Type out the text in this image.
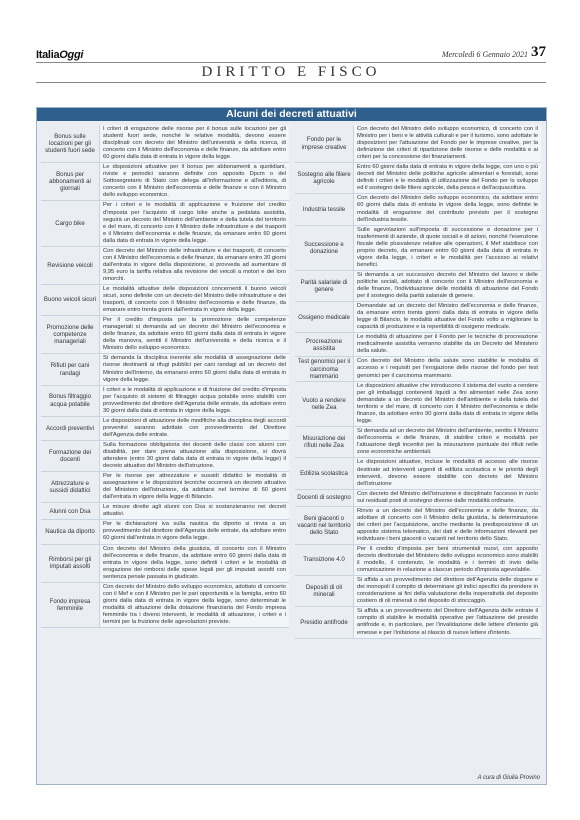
ItaliaOggi	Mercoledì 6 Gennaio 2021 37
DIRITTO E FISCO
Alcuni dei decreti attuativi
Bonus sulle locazioni per gli studenti fuori sede
I criteri di erogazione delle risorse per il bonus sulle locazioni per gli studenti fuori sede, nonché le relative modalità, devono essere disciplinati con decreto del Ministro dell'università e della ricerca, di concerto con il Ministro dell'economia e delle finanze, da adottare entro 60 giorni dalla data di entrata in vigore della legge.
Bonus per abbonamenti ai giornali
Le disposizioni attuative per il bonus per abbonamenti a quotidiani, riviste e periodici saranno definite con apposito Dpcm o del Sottosegretario di Stato con delega all'informazione e all'editoria, di concerto con il Ministro dell'economia e delle finanze e con il Ministro dello sviluppo economico.
Cargo bike
Per i criteri e le modalità di applicazione e fruizione del credito d'imposta per l'acquisto di cargo bike anche a pedalata assistita, seguirà un decreto del Ministro dell'ambiente e della tutela del territorio e del mare, di concerto con il Ministro delle infrastrutture e dei trasporti e il Ministro dell'economia e delle finanze, da emanare entro 60 giorni dalla data di entrata in vigore della legge.
Revisione veicoli
Con decreto del Ministro delle infrastrutture e dei trasporti, di concerto con il Ministro dell'economia e delle finanze, da emanare entro 30 giorni dall'entrata in vigore della disposizione, si provveda ad aumentare di 9,95 euro la tariffa relativa alla revisione dei veicoli a motori e dei loro rimorchi.
Buono veicoli sicuri
Le modalità attuative delle disposizioni concernenti il buono veicoli sicuri, sono definite con un decreto del Ministro delle infrastrutture e dei trasporti, di concerto con il Ministro dell'economia e delle finanze, da emanare entro trenta giorni dall'entrata in vigore della legge.
Promozione delle competenze manageriali
Per il credito d'imposta per la promozione delle competenze manageriali si demanda ad un decreto del Ministro dell'economia e delle finanze, da adottare entro 60 giorni dalla data di entrata in vigore della manovra, sentiti il Ministro dell'università e della ricerca e il Ministro dello sviluppo economico.
Rifiuti per cani randagi
Si demanda la disciplina inerente alle modalità di assegnazione delle risorse destinanti ai rifugi pubblici per cani randagi ad un decreto del Ministro dell'interno, da emanarsi entro 60 giorni dalla data di entrata in vigore della legge.
Bonus filtraggio acqua potabile
I criteri e le modalità di applicazione e di fruizione del credito d'imposta per l'acquisto di sistemi di filtraggio acqua potabile sono stabiliti con provvedimento del direttore dell'Agenzia delle entrate, da adottare entro 30 giorni dalla data di entrata in vigore della legge.
Accordi preventivi
Le disposizioni di attuazione delle modifiche alla disciplina degli accordi preventivi saranno adottate con provvedimento del Direttore dell'Agenzia delle entrate.
Formazione dei docenti
Sulla formazione obbligatoria dei docenti delle classi con alunni con disabilità, per dare piena attuazione alla disposizione, si dovrà attendere (entro 30 giorni dalla data di entrata in vigore della legge) il decreto attuativo del Ministro dell'istruzione.
Attrezzature e sussidi didattici
Per le risorse per attrezzature e sussidi didattici le modalità di assegnazione e le disposizioni tecniche occorrerà un decreto attuativo del Ministero dell'istruzione, da adottarsi nel termine di 60 giorni dall'entrata in vigore della legge di Bilancio.
Alunni con Dsa
Le misure dirette agli alunni con Dsa si sostanzieranno nei decreti attuativi.
Nautica da diporto
Per le dichiarazioni iva sulla nautica da diporto si rinvia a un provvedimento del direttore dell'Agenzia delle entrate, da adottare entro 60 giorni dall'entrata in vigore della legge.
Rimborsi per gli imputati assolti
Con decreto del Ministro della giustizia, di concerto con il Ministro dell'economia e delle finanze, da adottare entro 60 giorni dalla data di entrata in vigore della legge, sono definiti i criteri e le modalità di erogazione dei rimborsi delle spese legali per gli imputati assolti con sentenza penale passata in giudicato.
Fondo impresa femminile
Con decreto del Ministro dello sviluppo economico, adottato di concerto con il Mef e con il Ministro per le pari opportunità e la famiglia, entro 60 giorni dalla data di entrata in vigore della legge, sono determinati le modalità di attuazione della dotazione finanziaria del Fondo impresa femminile tra i diversi interventi, le modalità di attuazione, i criteri e i termini per la fruizione delle agevolazioni previste.
Fondo per le imprese creative
Con decreto del Ministro dello sviluppo economico, di concerto con il Ministro per i beni e le attività culturali e per il turismo, sono adottate le disposizioni per l'attuazione del Fondo per le imprese creative, per la definizione dei criteri di ripartizione delle risorse e delle modalità e ai criteri per la concessione dei finanziamenti.
Sostegno alle filiere agricole
Entro 60 giorni dalla data di entrata in vigore della legge, con uno o più decreti del Ministro delle politiche agricole alimentari e forestali, sono definiti i criteri e le modalità di utilizzazione del Fondo per lo sviluppo ed il sostegno delle filiere agricole, della pesca e dell'acquacoltura.
Industria tessile
Con decreto del Ministro dello sviluppo economico, da adottare entro 60 giorni dalla data di entrata in vigore della legge, sono definite le modalità di erogazione del contributo previsto per il sostegno dell'industria tessile.
Successione e donazione
Sulle agevolazioni sull'imposta di successione e donazione per i trasferimenti di aziende, di quote sociali e di azioni, nonché l'esenzione fiscale delle plusvalenze relative alle operazioni, il Mef stabilisce con proprio decreto, da emanare entro 60 giorni dalla data di entrata in vigore della legge, i criteri e le modalità per l'accesso ai relativi benefici.
Parità salariale di genere
Si demanda a un successivo decreto del Ministro del lavoro e delle politiche sociali, adottato di concerto con il Ministro dell'economia e delle finanze, l'individuazione delle modalità di attuazione del Fondo per il sostegno della parità salariale di genere.
Ossigeno medicale
Demandate ad un decreto del Ministro dell'economia e delle finanze, da emanare entro trenta giorni dalla data di entrata in vigore della legge di Bilancio, le modalità attuative del Fondo volto a migliorare la capacità di produzione e la reperibilità di ossigeno medicale.
Procreazione assistita
Le modalità di attuazione per il Fondo per le tecniche di procreazione medicalmente assistita verranno stabilite da un Decreto del Ministero della salute.
Test genomici per il carcinoma mammario
Con decreto del Ministro della salute sono stabilite le modalità di accesso e i requisiti per l'erogazione delle risorse del fondo per test genomici per il carcinoma mammario.
Vuoto a rendere nelle Zea
Le disposizioni attuative che introducono il sistema del vuoto a rendere per gli imballaggi contenenti liquidi a fini alimentari nelle Zea sono demandate a un decreto del Ministro dell'ambiente e della tutela del territorio e del mare, di concerto con il Ministro dell'economia e delle finanze, da adottare entro 90 giorni dalla data di entrata in vigore della legge.
Misurazione dei rifiuti nelle Zea
Si demanda ad un decreto del Ministro dell'ambiente, sentito il Ministro dell'economia e delle finanze, di stabilire criteri e modalità per l'attuazione degli incentivi per la misurazione puntuale dei rifiuti nelle zone economiche ambientali.
Edilizia scolastica
Le disposizioni attuative, incluse le modalità di accesso alle risorse destinate ad interventi urgenti di edilizia scolastica e le priorità degli interventi, devono essere stabilite con decreto del Ministro dell'istruzione
Docenti di sostegno
Con decreto del Ministro dell'istruzione è disciplinato l'accesso in ruolo sui residuati posti di sostegno diverse dalle modalità ordinarie.
Beni giacenti o vacanti nel territorio dello Stato
Rinvio a un decreto del Ministro dell'economia e delle finanze, da adottare di concerto con il Ministro della giustizia, la determinazione dei criteri per l'acquisizione, anche mediante la predisposizione di un apposito sistema telematico, dei dati e delle informazioni rilevanti per individuare i beni giacenti o vacanti nel territorio dello Stato.
Transizione 4.0
Per il credito d'imposta per beni strumentali nuovi, con apposito decreto direttoriale del Ministero dello sviluppo economico sono stabiliti il modello, il contenuto, le modalità e i termini di invio della comunicazione in relazione a clascun periodo d'imposta agevolabile.
Depositi di oli minerali
Si affida a un provvedimento del direttore dell'Agenzia delle dogane e dei monopoli il compito di determinare gli indici specifici da prendere in considerazione ai fini della valutazione della inoperatività del deposito costiero di oli minerali o del deposito di stoccaggio.
Presidio antifrode
Si affida a un provvedimento del Direttore dell'Agenzia delle entrate il compito di stabilire le modalità operative per l'attuazione del presidio antifrode e, in particolare, per l'invalidazione delle lettere d'intento già emesse e per l'inibizione al rilascio di nuove lettere d'intento.
A cura di Giulia Provino
